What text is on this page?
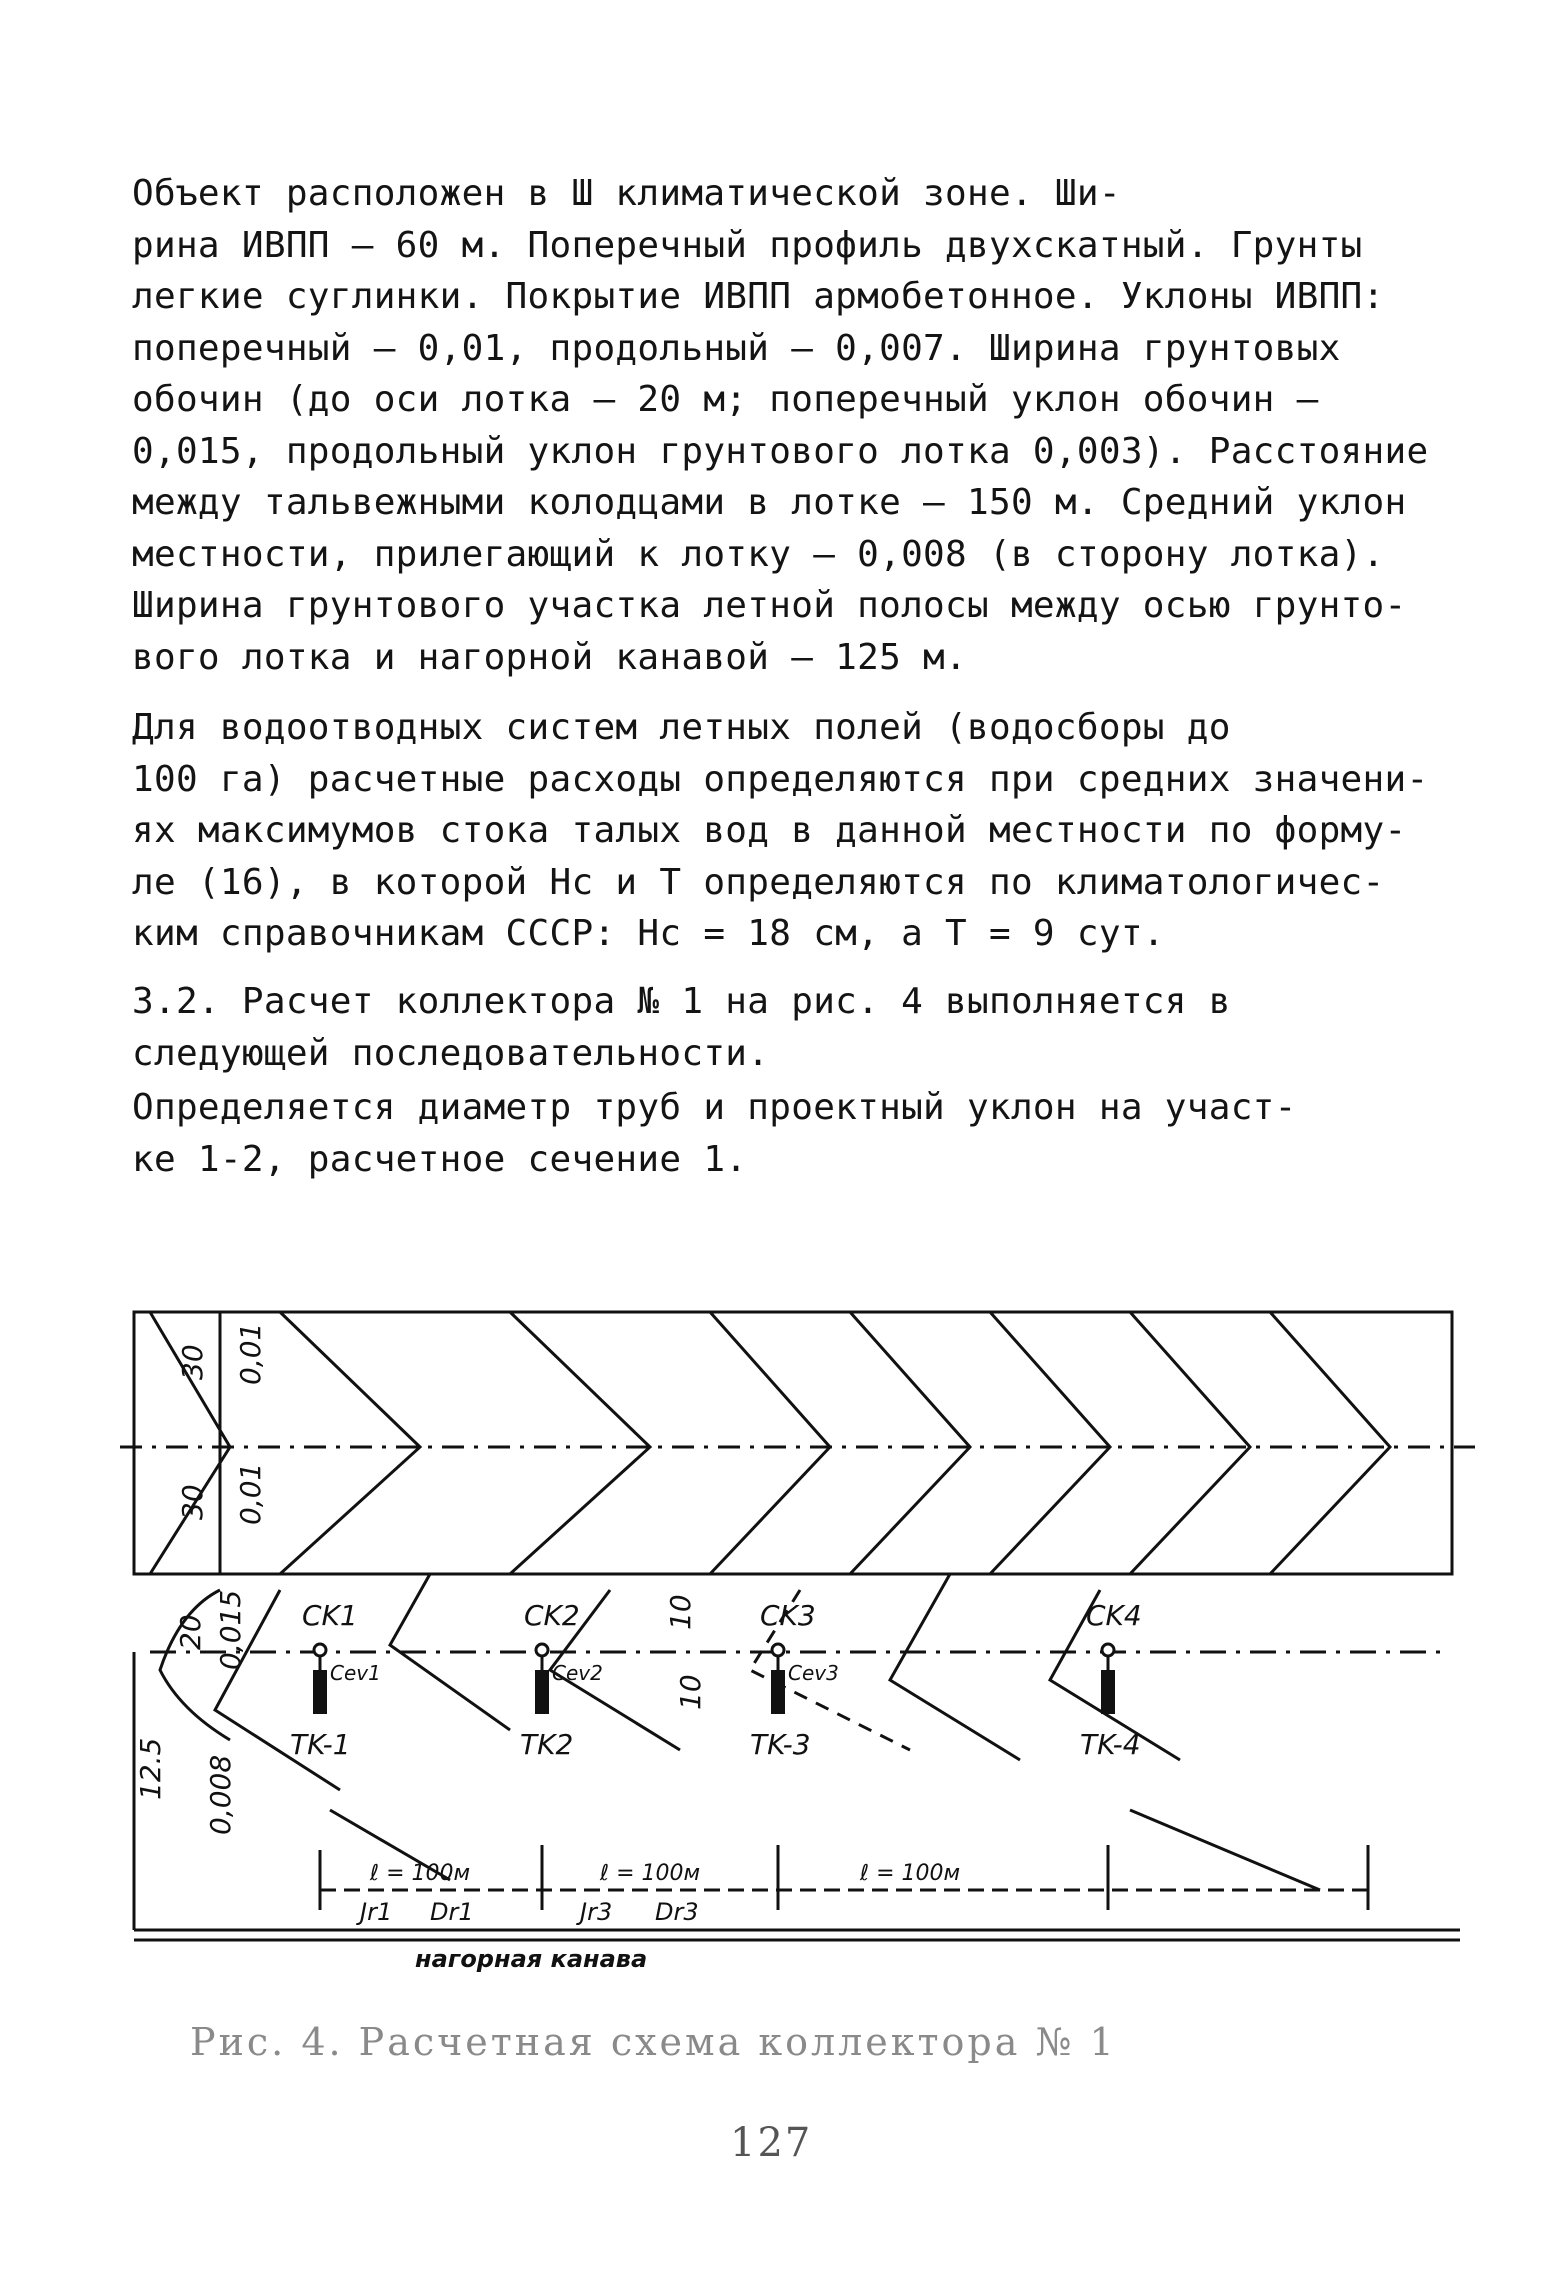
Объект расположен в Ш климатической зоне. Ши-
рина ИВПП – 60 м. Поперечный профиль двухскатный. Грунты
легкие суглинки. Покрытие ИВПП армобетонное. Уклоны ИВПП:
поперечный – 0,01, продольный – 0,007. Ширина грунтовых
обочин (до оси лотка – 20 м; поперечный уклон обочин –
0,015, продольный уклон грунтового лотка 0,003). Расстояние
между тальвежными колодцами в лотке – 150 м. Средний уклон
местности, прилегающий к лотку – 0,008 (в сторону лотка).
Ширина грунтового участка летной полосы между осью грунто-
вого лотка и нагорной канавой – 125 м.

Для водоотводных систем летных полей (водосборы до
100 га) расчетные расходы определяются при средних значени-
ях максимумов стока талых вод в данной местности по форму-
ле (16), в которой Hc и T определяются по климатологичес-
ким справочникам СССР: Hc = 18 см, а T = 9 сут.

3.2. Расчет коллектора № 1 на рис. 4 выполняется в
следующей последовательности.

Определяется диаметр труб и проектный уклон на участ-
ке 1-2, расчетное сечение 1.

30
30
0,01
0,01
20 0,015
12.5 0,008
10
10
CK1	CK2	CK3	CK4
TK-1	TK2	TK-3	TK-4
Cev1	Cev2	Cev3
ℓ = 100м	ℓ = 100м	ℓ = 100м
Jr1 Dr1	Jr3 Dr3
нагорная канава
Рис. 4. Расчетная схема коллектора № 1
127
